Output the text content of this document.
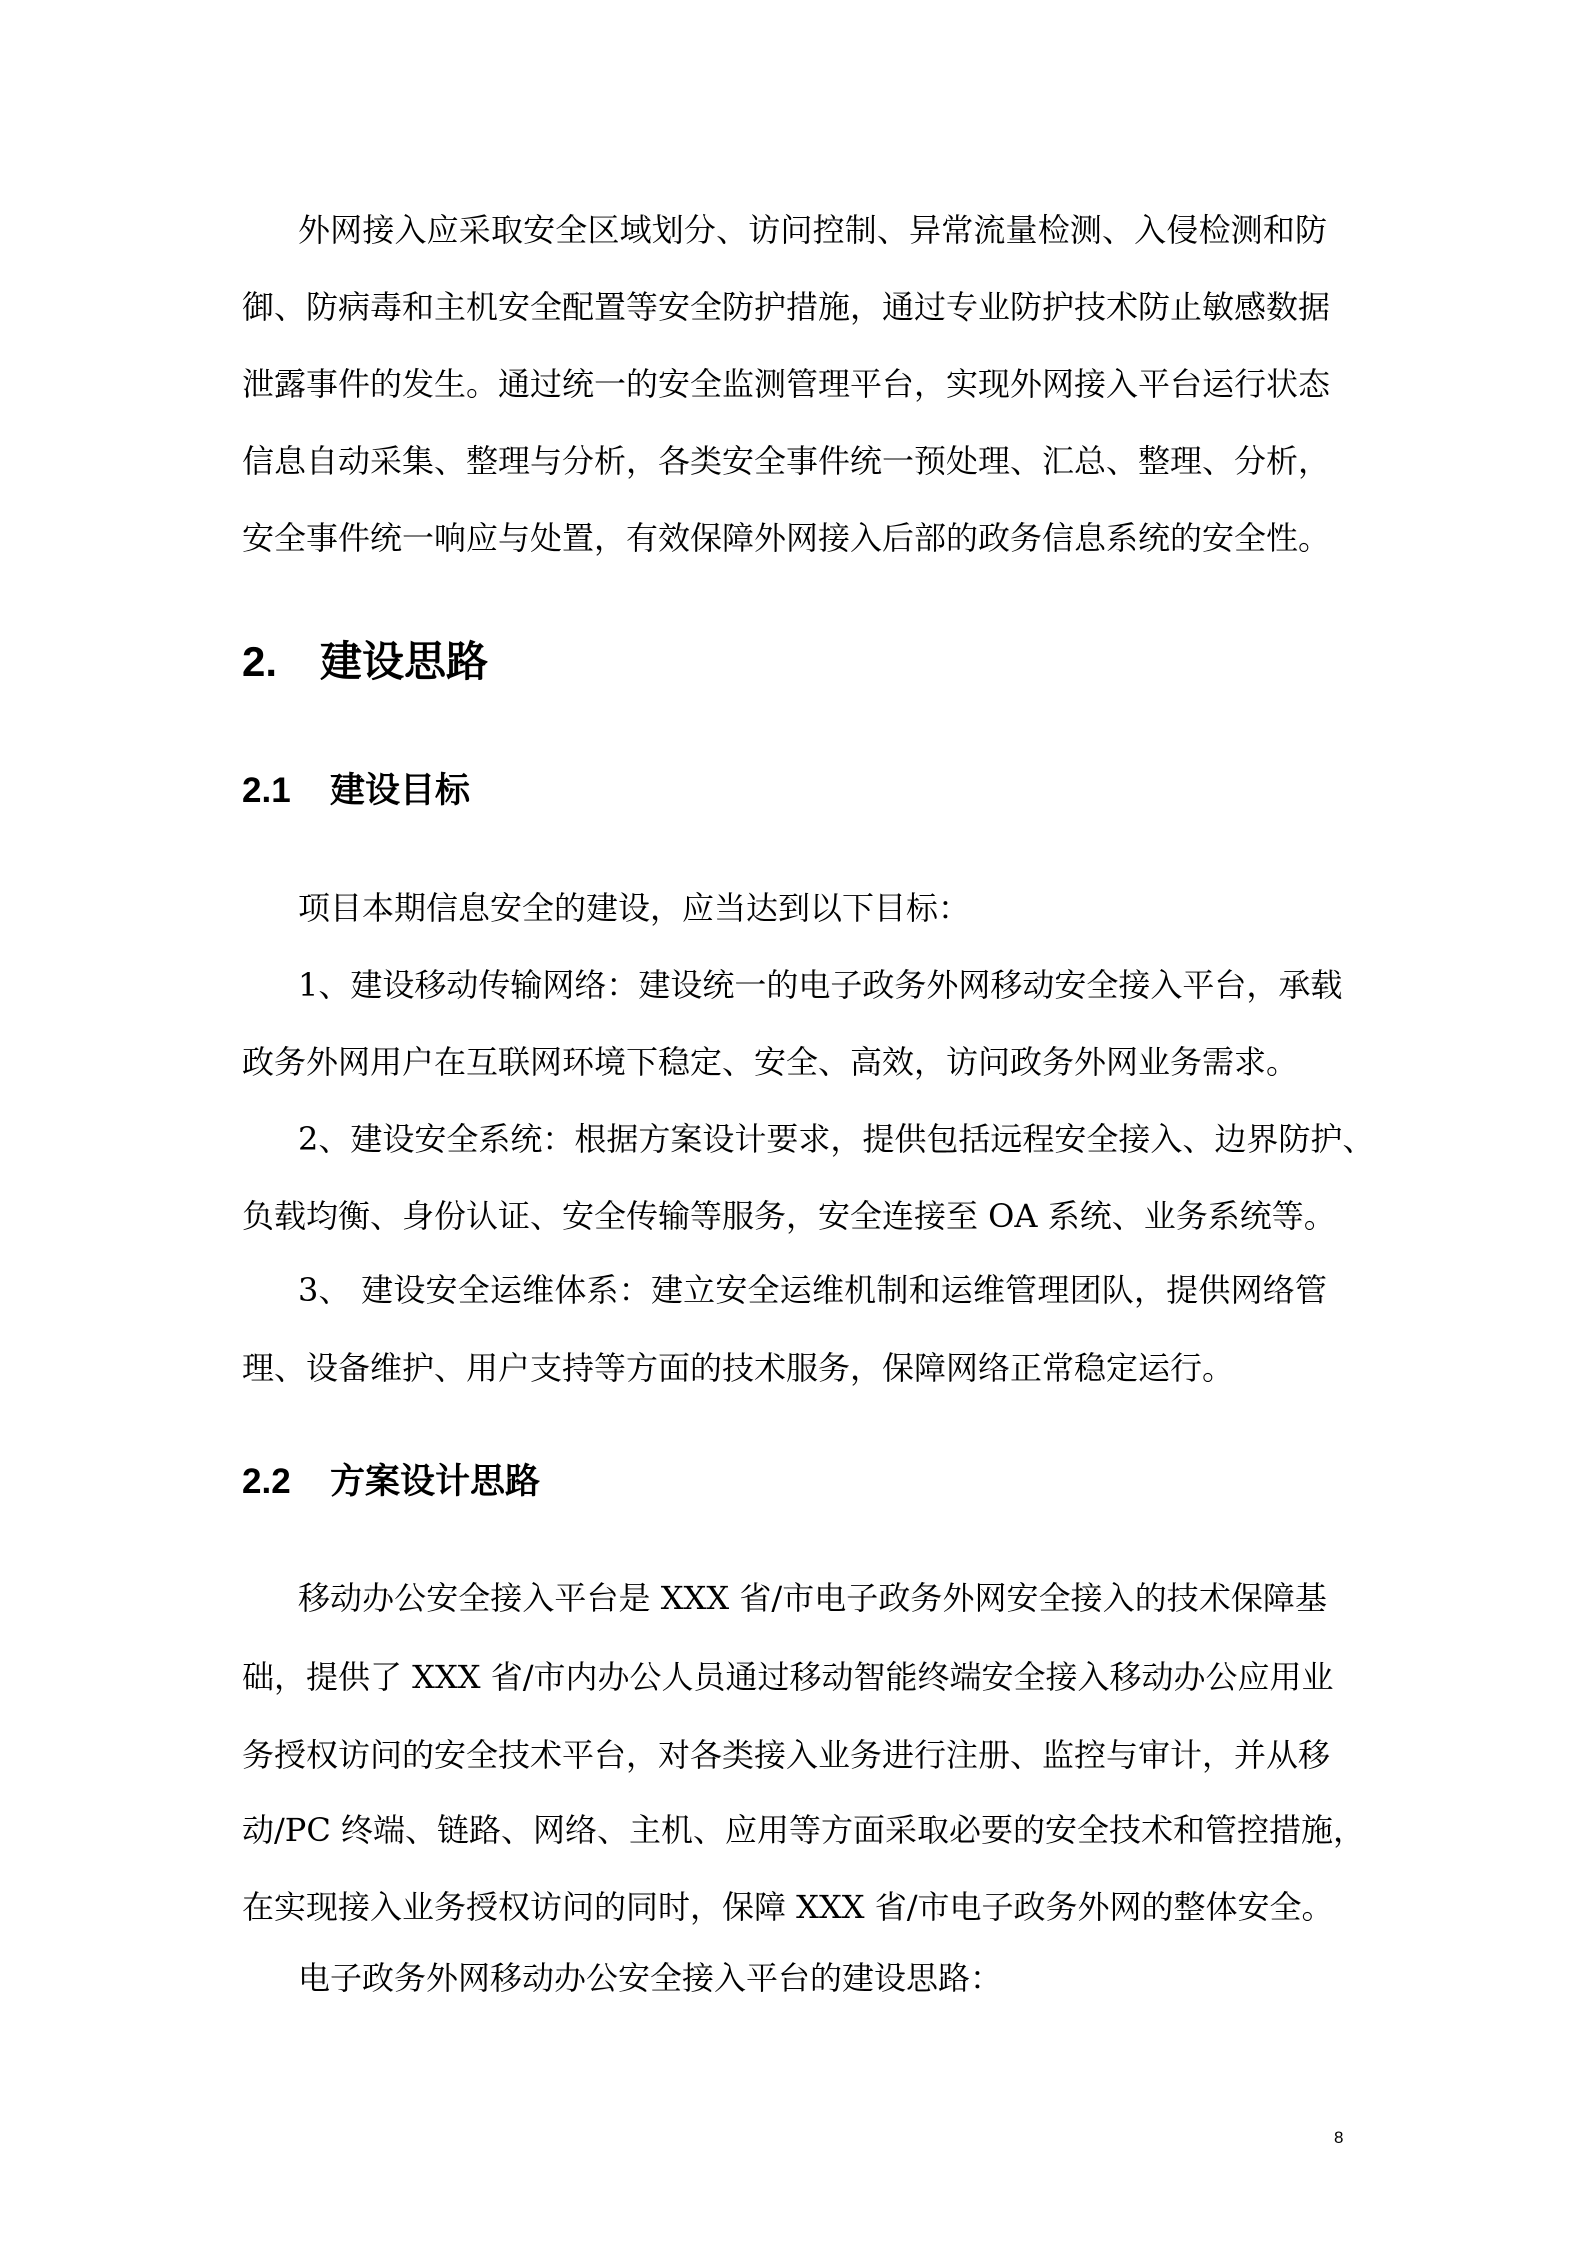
外网接入应采取安全区域划分、访问控制、异常流量检测、入侵检测和防
御、防病毒和主机安全配置等安全防护措施，通过专业防护技术防止敏感数据
泄露事件的发生。通过统一的安全监测管理平台，实现外网接入平台运行状态
信息自动采集、整理与分析，各类安全事件统一预处理、汇总、整理、分析，
安全事件统一响应与处置，有效保障外网接入后部的政务信息系统的安全性。
2. 建设思路
2.1 建设目标
项目本期信息安全的建设，应当达到以下目标：
1、建设移动传输网络：建设统一的电子政务外网移动安全接入平台，承载
政务外网用户在互联网环境下稳定、安全、高效，访问政务外网业务需求。
2、建设安全系统：根据方案设计要求，提供包括远程安全接入、边界防护、
负载均衡、身份认证、安全传输等服务，安全连接至 OA 系统、业务系统等。
3、 建设安全运维体系：建立安全运维机制和运维管理团队，提供网络管
理、设备维护、用户支持等方面的技术服务，保障网络正常稳定运行。
2.2 方案设计思路
移动办公安全接入平台是 XXX 省/市电子政务外网安全接入的技术保障基
础，提供了 XXX 省/市内办公人员通过移动智能终端安全接入移动办公应用业
务授权访问的安全技术平台，对各类接入业务进行注册、监控与审计，并从移
动/PC 终端、链路、网络、主机、应用等方面采取必要的安全技术和管控措施，
在实现接入业务授权访问的同时，保障 XXX 省/市电子政务外网的整体安全。
电子政务外网移动办公安全接入平台的建设思路：
8
